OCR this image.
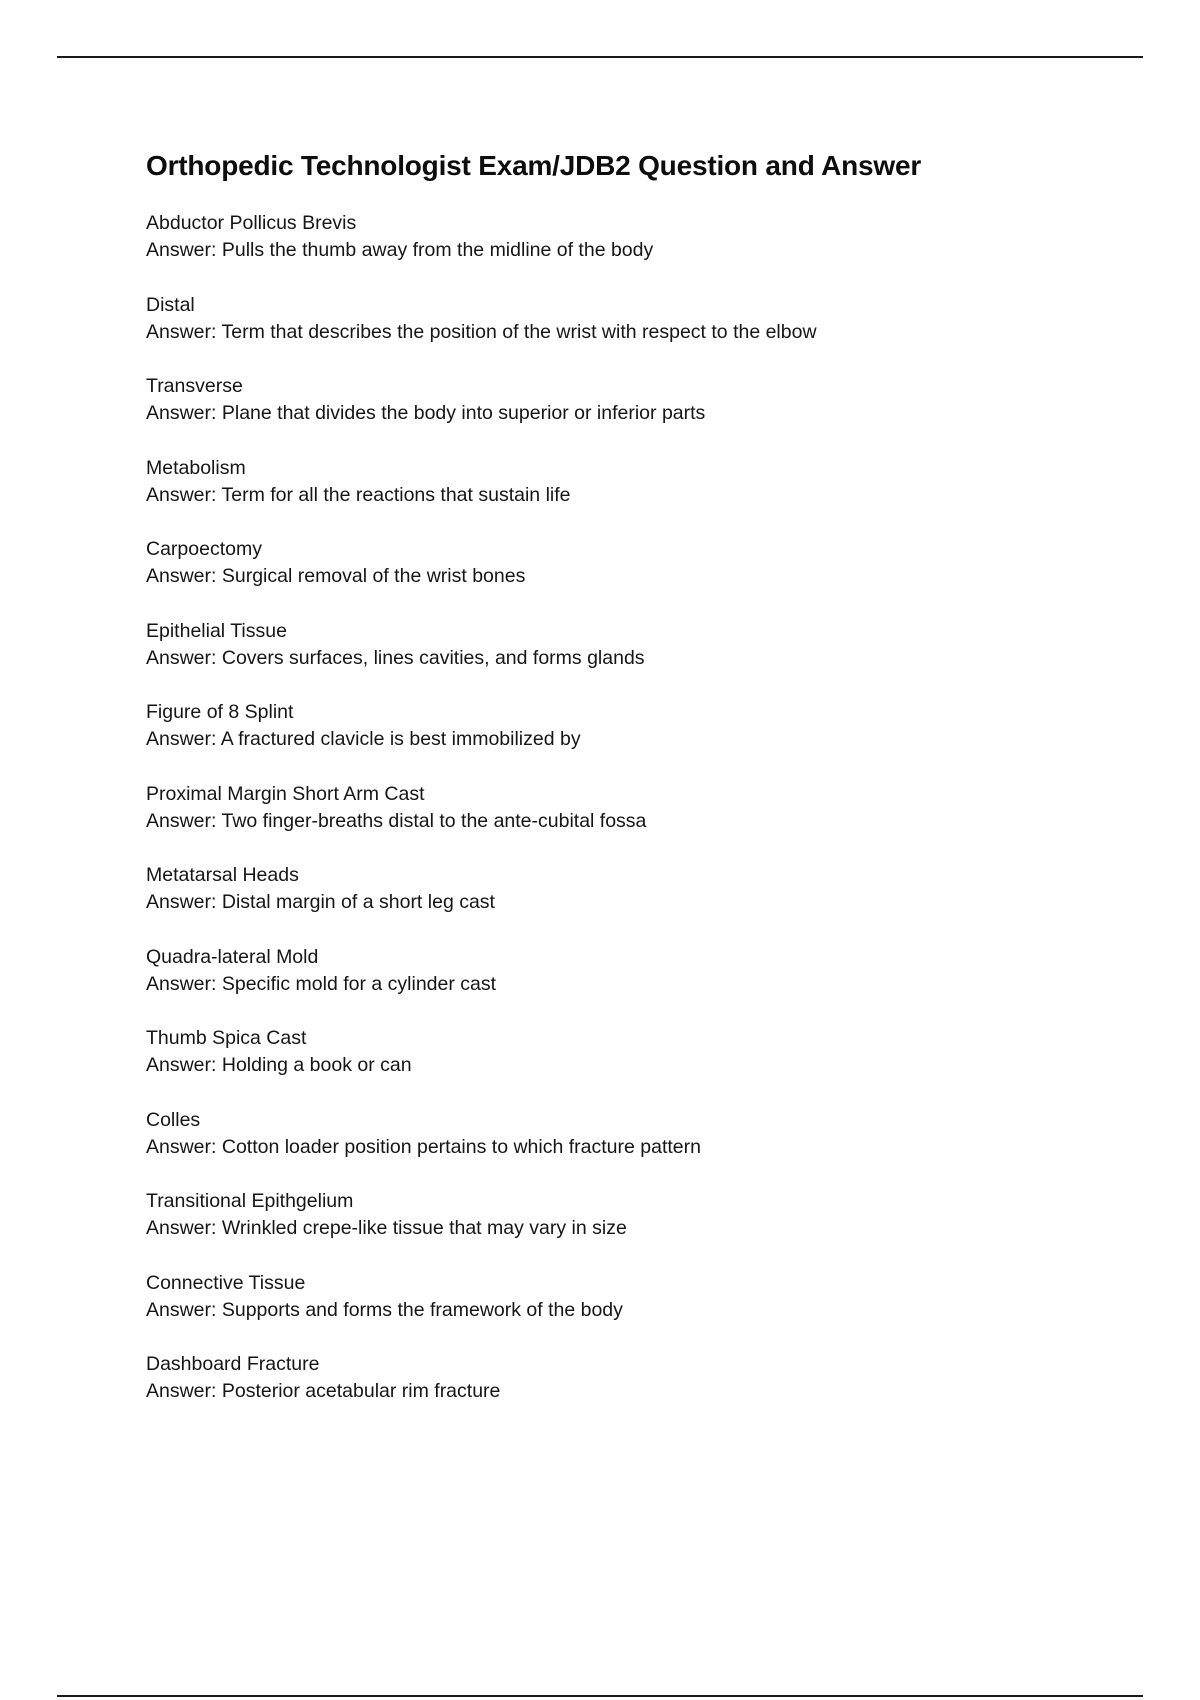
Orthopedic Technologist Exam/JDB2 Question and Answer
Abductor Pollicus Brevis
Answer: Pulls the thumb away from the midline of the body
Distal
Answer: Term that describes the position of the wrist with respect to the elbow
Transverse
Answer: Plane that divides the body into superior or inferior parts
Metabolism
Answer: Term for all the reactions that sustain life
Carpoectomy
Answer: Surgical removal of the wrist bones
Epithelial Tissue
Answer: Covers surfaces, lines cavities, and forms glands
Figure of 8 Splint
Answer: A fractured clavicle is best immobilized by
Proximal Margin Short Arm Cast
Answer: Two finger-breaths distal to the ante-cubital fossa
Metatarsal Heads
Answer: Distal margin of a short leg cast
Quadra-lateral Mold
Answer: Specific mold for a cylinder cast
Thumb Spica Cast
Answer: Holding a book or can
Colles
Answer: Cotton loader position pertains to which fracture pattern
Transitional Epithgelium
Answer: Wrinkled crepe-like tissue that may vary in size
Connective Tissue
Answer: Supports and forms the framework of the body
Dashboard Fracture
Answer: Posterior acetabular rim fracture
